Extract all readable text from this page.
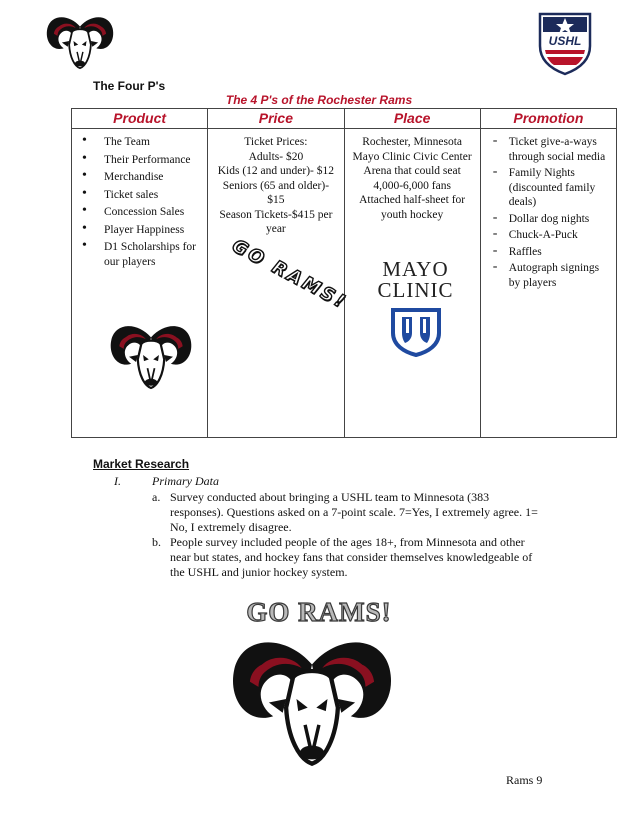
USHL
The Four P's
The 4 P's of the Rochester Rams
Product
• The Team
• Their Performance
• Merchandise
• Ticket sales
• Concession Sales
• Player Happiness
• D1 Scholarships for our players
Price
Ticket Prices:
Adults- $20
Kids (12 and under)- $12
Seniors (65 and older)- $15
Season Tickets-$415 per year
GO RAMS!
Place
Rochester, Minnesota
Mayo Clinic Civic Center
Arena that could seat 4,000-6,000 fans
Attached half-sheet for youth hockey
MAYO
CLINIC
Promotion
- Ticket give-a-ways through social media
- Family Nights (discounted family deals)
- Dollar dog nights
- Chuck-A-Puck
- Raffles
- Autograph signings by players
Market Research
I.	Primary Data
a. Survey conducted about bringing a USHL team to Minnesota (383 responses). Questions asked on a 7-point scale. 7=Yes, I extremely agree. 1= No, I extremely disagree.
b. People survey included people of the ages 18+, from Minnesota and other near but states, and hockey fans that consider themselves knowledgeable of the USHL and junior hockey system.
GO RAMS!
Rams 9
